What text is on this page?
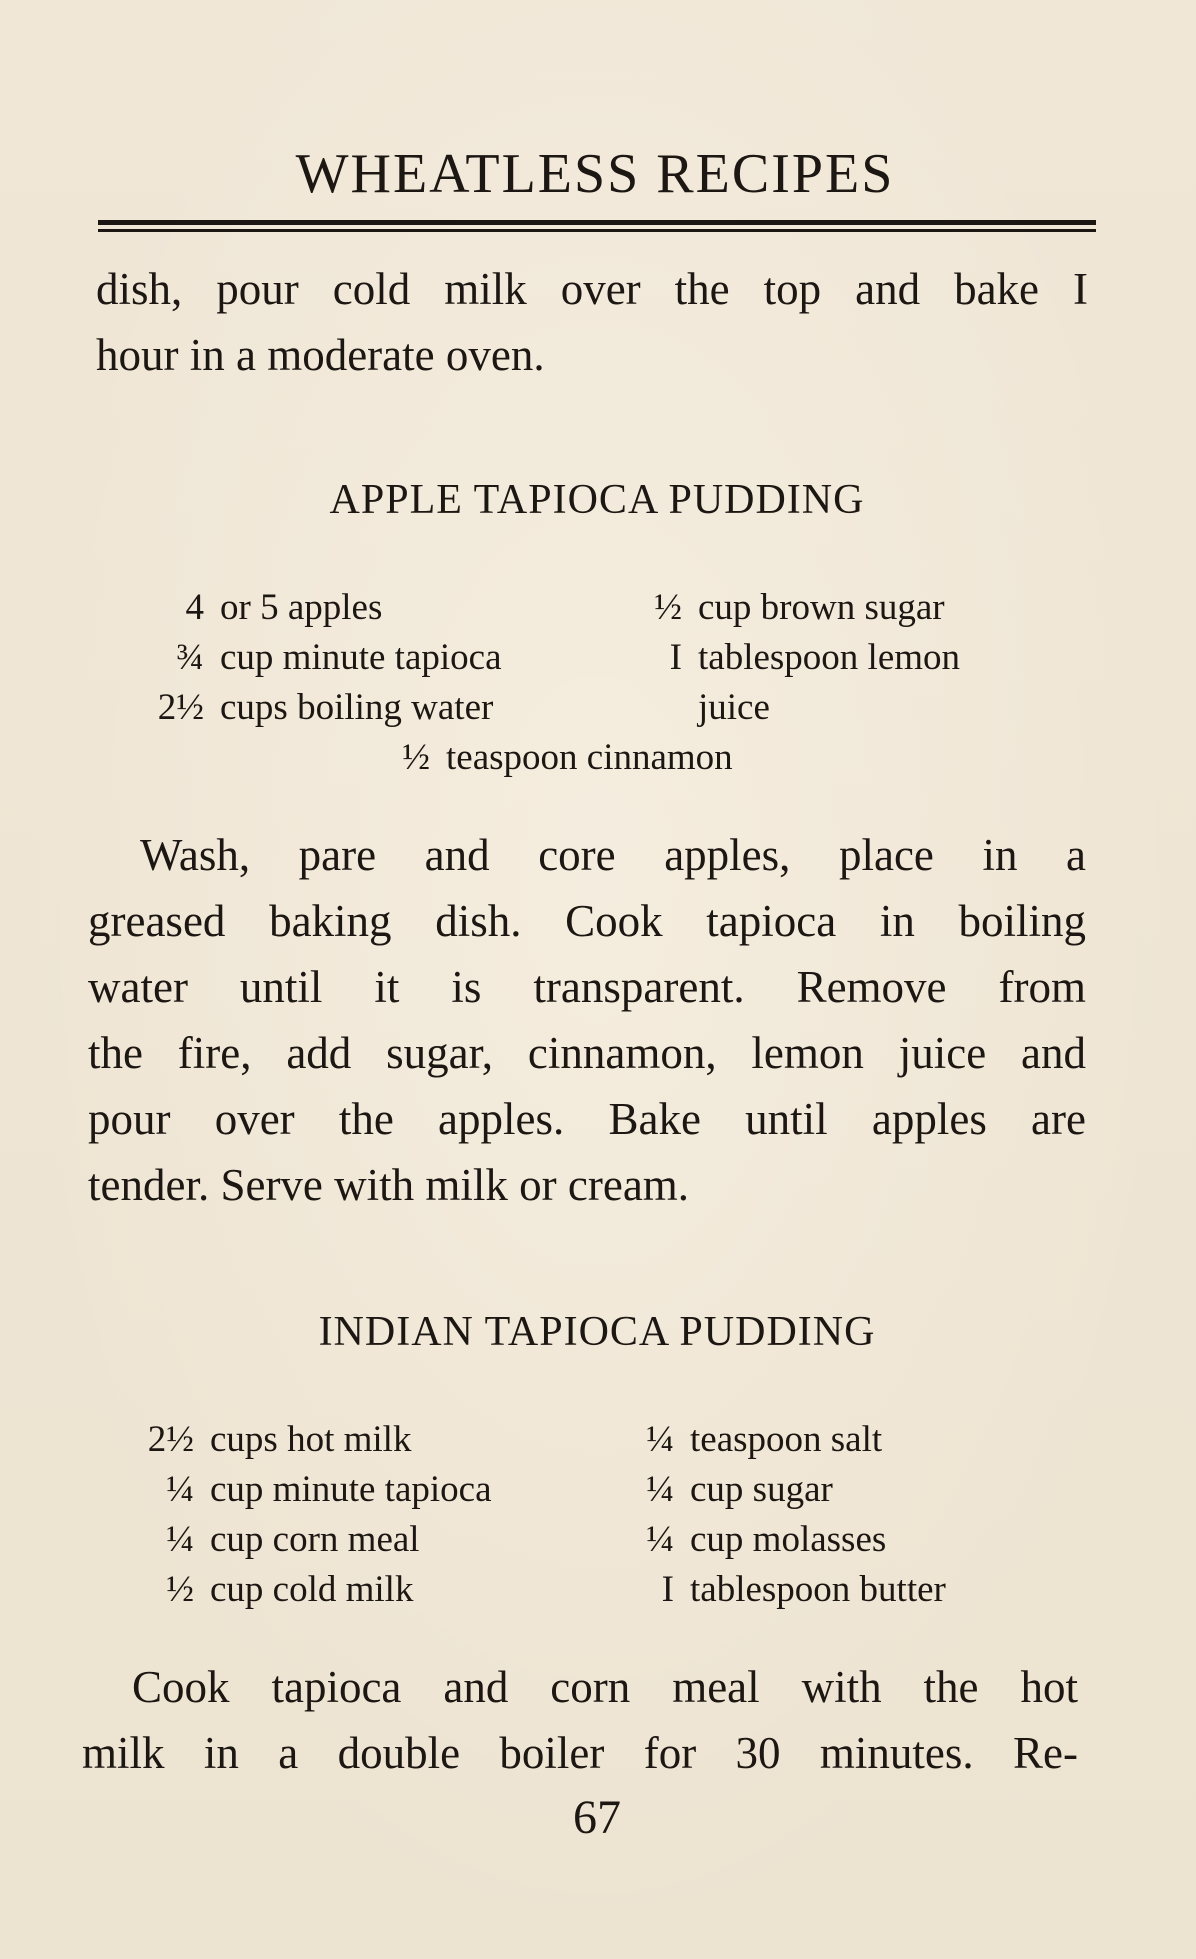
WHEATLESS RECIPES
dish, pour cold milk over the top and bake I
hour in a moderate oven.
APPLE TAPIOCA PUDDING
4 or 5 apples
¾ cup minute tapioca
2½ cups boiling water
½ cup brown sugar
I tablespoon lemon
juice
½ teaspoon cinnamon
Wash, pare and core apples, place in a
greased baking dish. Cook tapioca in boiling
water until it is transparent. Remove from
the fire, add sugar, cinnamon, lemon juice and
pour over the apples. Bake until apples are
tender. Serve with milk or cream.
INDIAN TAPIOCA PUDDING
2½ cups hot milk
¼ cup minute tapioca
¼ cup corn meal
½ cup cold milk
¼ teaspoon salt
¼ cup sugar
¼ cup molasses
I tablespoon butter
Cook tapioca and corn meal with the hot
milk in a double boiler for 30 minutes. Re-
67
